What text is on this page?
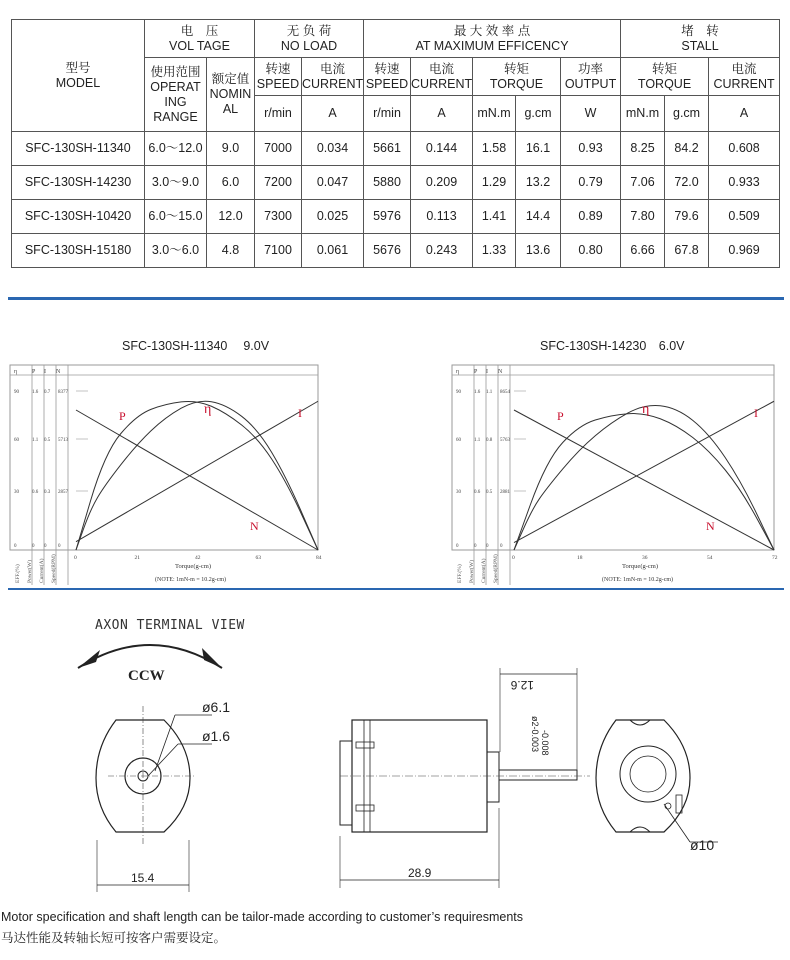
型号
MODEL	电　压
VOL TAGE		无 负 荷
NO LOAD		最 大 效 率 点
AT MAXIMUM EFFICENCY					堵　转
STALL		
	使用范围
OPERAT
ING
RANGE	额定值
NOMIN
AL	转速
SPEED	电流
CURRENT	转速
SPEED	电流
CURRENT	转矩
TORQUE		功率
OUTPUT	转矩
TORQUE		电流
CURRENT
			r/min	A	r/min	A	mN.m	g.cm	W	mN.m	g.cm	A
SFC-130SH-11340	6.0～12.0	9.0	7000	0.034	5661	0.144	1.58	16.1	0.93	8.25	84.2	0.608
SFC-130SH-14230	3.0～9.0	6.0	7200	0.047	5880	0.209	1.29	13.2	0.79	7.06	72.0	0.933
SFC-130SH-10420	6.0～15.0	12.0	7300	0.025	5976	0.113	1.41	14.4	0.89	7.80	79.6	0.509
SFC-130SH-15180	3.0～6.0	4.8	7100	0.061	5676	0.243	1.33	13.6	0.80	6.66	67.8	0.969
SFC-130SH-11340　 9.0V
η P I N
90	1.6 0.7 8377
60	1.1 0.5 5713
30	0.6 0.3 2857
0	0 0 0
EFF.(%) Power(W) Current(A) Speed(RPM)	0	21	42	63	84
Torque(g-cm)
(NOTE: 1mN-m = 10.2g-cm)
P	η	I
N
SFC-130SH-14230　6.0V
η P I N
90	1.6 1.1 8654
60	1.1 0.8 5763
30	0.6 0.5 2881
0	0 0 0
EFF.(%) Power(W) Current(A) Speed(RPM) 0	18	36	54	72
Torque(g-cm)
(NOTE: 1mN-m = 10.2g-cm)
P	η	I
N
AXON TERMINAL VIEW
CCW
ø6.1
ø1.6
15.4
12.6
ø2-0.003 -0.008
28.9
ø10
Motor specification and shaft length can be tailor-made according to customer’s requiresments
马达性能及转轴长短可按客户需要设定。
